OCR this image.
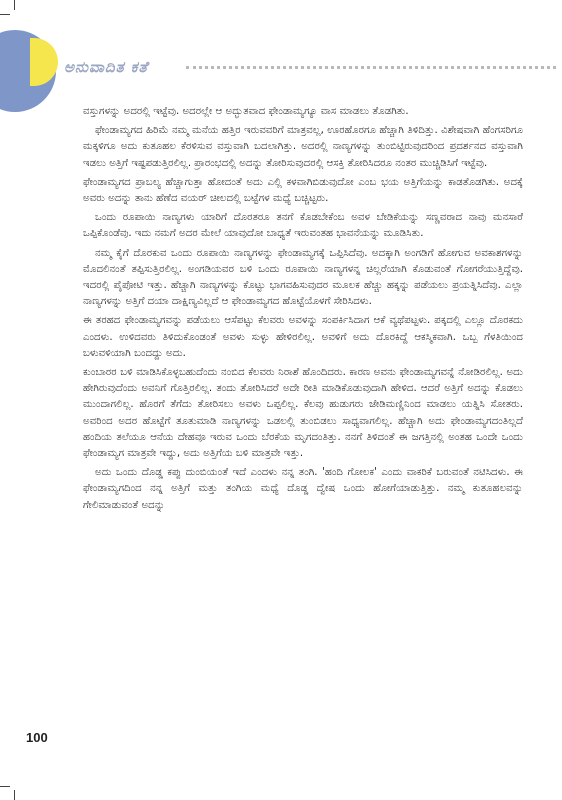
ಅನುವಾದಿತ ಕತೆ

ವಸ್ತುಗಳನ್ನು ಅದರಲ್ಲಿ ಇಟ್ಟೆವು. ಅದರಲ್ಲೇ ಆ ಅದ್ಭುತವಾದ ಫೇಂಡಾಮ್ಯಗ್ಯೂ ವಾಸ ಮಾಡಲು ತೊಡಗಿತು.

ಫೇಂಡಾಮ್ಯಗದ ಹಿರಿಮೆ ನಮ್ಮ ಮನೆಯ ಹತ್ತಿರ ಇರುವವರಿಗೆ ಮಾತ್ರವಲ್ಲ, ಊರಹೊರಗೂ ಹೆಚ್ಚಾಗಿ ತಿಳಿದಿತ್ತು. ವಿಶೇಷವಾಗಿ ಹೆಂಗಸರಿಗೂ ಮಕ್ಕಳಿಗೂ ಅದು ಕುತೂಹಲ ಕೆರಳಿಸುವ ವಸ್ತುವಾಗಿ ಬದಲಾಗಿತ್ತು. ಅದರಲ್ಲಿ ನಾಣ್ಯಗಳನ್ನು ತುಂಬಿಟ್ಟಿರುವುದರಿಂದ ಪ್ರದರ್ಶನದ ವಸ್ತುವಾಗಿ ಇಡಲು ಅತ್ತಿಗೆ ಇಷ್ಟಪಡುತ್ತಿರಲಿಲ್ಲ. ಪ್ರಾರಂಭದಲ್ಲಿ ಅದನ್ನು ತೋರಿಸುವುದರಲ್ಲಿ ಆಸಕ್ತಿ ತೋರಿಸಿದರೂ ನಂತರ ಮುಚ್ಚಿಡಿಸಿಗೆ ಇಟ್ಟೆವು.

ಫೇಂಡಾಮ್ಯಗದ ಪ್ರಾಬಲ್ಯ ಹೆಚ್ಚಾಗುತ್ತಾ ಹೋದಂತೆ ಅದು ಎಲ್ಲಿ ಕಳವಾಗಿಬಿಡುವುದೋ ಎಂಬ ಭಯ ಅತ್ತಿಗೆಯನ್ನು ಕಾಡತೊಡಗಿತು. ಅದಕ್ಕೆ ಅವರು ಅದನ್ನು ತಾನು ಹೆಣೆದ ವಯರ್ ಚೀಲದಲ್ಲಿ ಬಟ್ಟೆಗಳ ಮಧ್ಯೆ ಬಚ್ಚಿಟ್ಟರು.

ಒಂದು ರೂಪಾಯಿ ನಾಣ್ಯಗಳು ಯಾರಿಗೆ ದೊರತರೂ ತನಗೆ ಕೊಡಬೇಕೆಂಬ ಅವಳ ಬೇಡಿಕೆಯನ್ನು ಸಣ್ಣವರಾದ ನಾವು ಮನಸಾರೆ ಒಪ್ಪಿಕೊಂಡೆವು. ಇದು ನಮಗೆ ಅದರ ಮೇಲೆ ಯಾವುದೋ ಬಾಧ್ಯತೆ ಇರುವಂತಹ ಭಾವನೆಯನ್ನು ಮೂಡಿಸಿತು.

ನಮ್ಮ ಕೈಗೆ ದೊರಕುವ ಒಂದು ರೂಪಾಯಿ ನಾಣ್ಯಗಳನ್ನು ಫೇಂಡಾಮ್ಯಗಕ್ಕೆ ಒಪ್ಪಿಸಿದೆವು. ಅದಕ್ಕಾಗಿ ಅಂಗಡಿಗೆ ಹೋಗುವ ಅವಕಾಶಗಳನ್ನು ಮೊದಲಿನಂತೆ ತಪ್ಪಿಸುತ್ತಿರಲಿಲ್ಲ. ಅಂಗಡಿಯವರ ಬಳಿ ಒಂದು ರೂಪಾಯಿ ನಾಣ್ಯಗಳನ್ನ ಚಿಲ್ಲರೆಯಾಗಿ ಕೊಡುವಂತೆ ಗೋಗರೆಯುತ್ತಿದ್ದೆವು. ಇದರಲ್ಲಿ ಪೈಪೋಟಿ ಇತ್ತು. ಹೆಚ್ಚಾಗಿ ನಾಣ್ಯಗಳನ್ನು ಕೊಟ್ಟು ಭಾಗವಹಿಸುವುದರ ಮೂಲಕ ಹೆಚ್ಚು ಹಕ್ಕನ್ನು ಪಡೆಯಲು ಪ್ರಯತ್ನಿಸಿದೆವು. ಎಲ್ಲಾ ನಾಣ್ಯಗಳನ್ನು ಅತ್ತಿಗೆ ದಯಾ ದಾಕ್ಷಿಣ್ಯವಿಲ್ಲದೆ ಆ ಫೇಂಡಾಮ್ಯಗದ ಹೊಟ್ಟೆಯೊಳಗೆ ಸೇರಿಸಿದಳು.

ಈ ತರಹದ ಫೇಂಡಾಮ್ಯಗವನ್ನು ಪಡೆಯಲು ಆಸೆಪಟ್ಟು ಕೆಲವರು ಅವಳನ್ನು ಸಂಪರ್ಕಿಸಿದಾಗ ಆಕೆ ವ್ಯಥೆಪಟ್ಟಳು. ಪಕ್ಕದಲ್ಲಿ ಎಲ್ಲೂ ದೊರಕದು ಎಂದಳು. ಉಳಿದವರು ತಿಳಿದುಕೊಂಡಂತೆ ಅವಳು ಸುಳ್ಳು ಹೇಳಿರಲಿಲ್ಲ. ಅವಳಿಗೆ ಅದು ದೊರಕಿದ್ದೆ ಆಕಸ್ಮಿಕವಾಗಿ. ಒಬ್ಬ ಗೆಳತಿಯಿಂದ ಬಳುವಳಿಯಾಗಿ ಬಂದದ್ದು ಅದು.

ಕುಂಬಾರರ ಬಳಿ ಮಾಡಿಸಿಕೊಳ್ಳಬಹುದೆಂದು ನಂಬಿದ ಕೆಲವರು ನಿರಾಶೆ ಹೊಂದಿದರು. ಕಾರಣ ಅವನು ಫೇಂಡಾಮ್ಯಗವನ್ನೆ ನೋಡಿರಲಿಲ್ಲ. ಅದು ಹೇಗಿರುವುದೆಂದು ಅವನಿಗೆ ಗೊತ್ತಿರಲಿಲ್ಲ. ತಂದು ತೋರಿಸಿದರೆ ಅದೇ ರೀತಿ ಮಾಡಿಕೊಡುವುದಾಗಿ ಹೇಳಿದ. ಆದರೆ ಅತ್ತಿಗೆ ಅದನ್ನು ಕೊಡಲು ಮುಂದಾಗಲಿಲ್ಲ. ಹೊರಗೆ ತೆಗೆದು ತೋರಿಸಲು ಅವಳು ಒಪ್ಪಲಿಲ್ಲ. ಕೆಲವು ಹುಡುಗರು ಜೇಡಿಮಣ್ಣಿನಿಂದ ಮಾಡಲು ಯತ್ನಿಸಿ ಸೋತರು. ಅವರಿಂದ ಅದರ ಹೊಟ್ಟೆಗೆ ತೂತುಮಾಡಿ ನಾಣ್ಯಗಳನ್ನು ಒಡಲಲ್ಲಿ ತುಂಬಿಡಲು ಸಾಧ್ಯವಾಗಲಿಲ್ಲ. ಹೆಚ್ಚಾಗಿ ಅದು ಫೇಂಡಾಮ್ಯಗದಂತಿಲ್ಲದೆ ಹಂದಿಯ ತಲೆಯೂ ಆನೆಯ ದೇಹವೂ ಇರುವ ಒಂದು ಬೆರಕೆಯ ಮೃಗದಂತಿತ್ತು. ನನಗೆ ತಿಳಿದಂತೆ ಈ ಜಗತ್ತಿನಲ್ಲಿ ಅಂತಹ ಒಂದೇ ಒಂದು ಫೇಂಡಾಮ್ಯಗ ಮಾತ್ರವೇ ಇದ್ದು, ಅದು ಅತ್ತಿಗೆಯ ಬಳಿ ಮಾತ್ರವೇ ಇತ್ತು.

ಅದು ಒಂದು ದೊಡ್ಡ ಕಪ್ಪು ದುಂಬಿಯಂತೆ ಇದೆ ಎಂದಳು ನನ್ನ ತಂಗಿ. 'ಹಂದಿ ಗೋಲಕ' ಎಂದು ವಾಕರಿಕೆ ಬರುವಂತೆ ನಟಿಸಿದಳು. ಈ ಫೇಂಡಾಮ್ಯಗದಿಂದ ನನ್ನ ಅತ್ತಿಗೆ ಮತ್ತು ತಂಗಿಯ ಮಧ್ಯೆ ದೊಡ್ಡ ದ್ವೇಷ ಒಂದು ಹೋಗೆಯಾಡುತ್ತಿತ್ತು. ನಮ್ಮ ಕುತೂಹಲವನ್ನು ಗೇಲಿಮಾಡುವಂತೆ ಅದನ್ನು

100
